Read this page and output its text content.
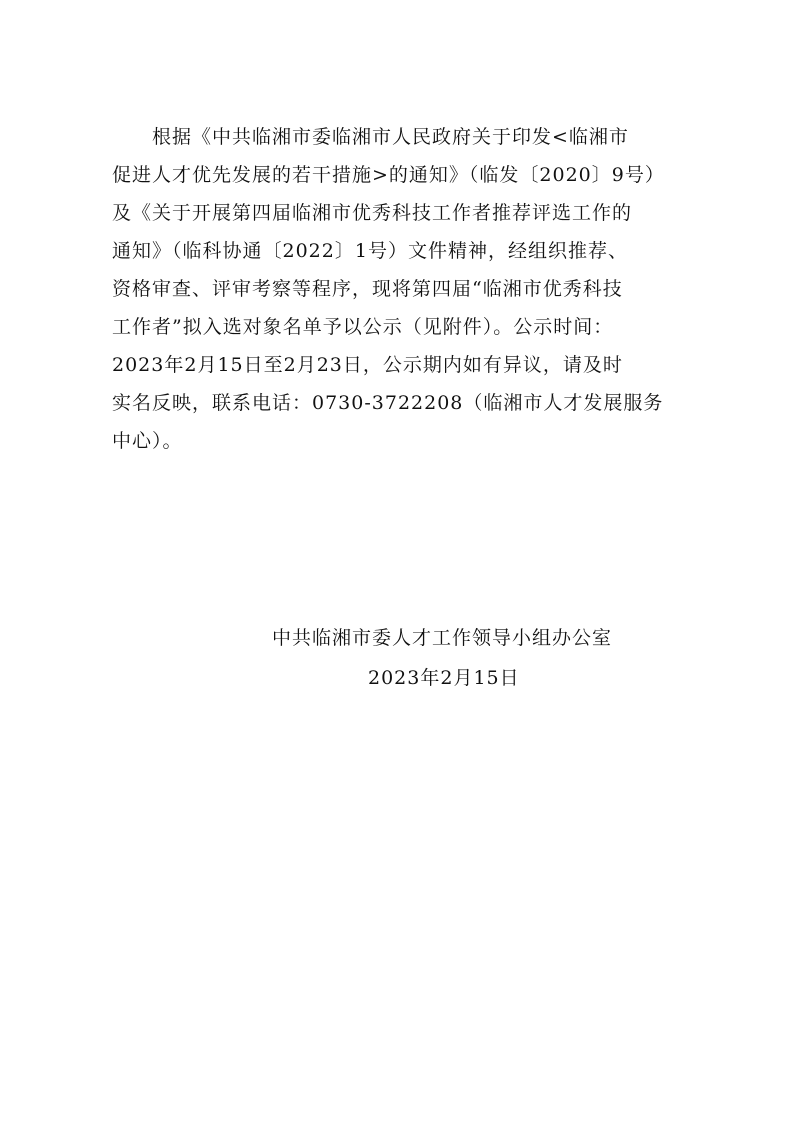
根据《中共临湘市委临湘市人民政府关于印发<临湘市
促进人才优先发展的若干措施>的通知》（临发〔2020〕9号）
及《关于开展第四届临湘市优秀科技工作者推荐评选工作的
通知》（临科协通〔2022〕1号）文件精神，经组织推荐、
资格审查、评审考察等程序，现将第四届“临湘市优秀科技
工作者”拟入选对象名单予以公示（见附件）。公示时间：
2023年2月15日至2月23日，公示期内如有异议，请及时
实名反映，联系电话：0730-3722208（临湘市人才发展服务
中心）。
中共临湘市委人才工作领导小组办公室
2023年2月15日
